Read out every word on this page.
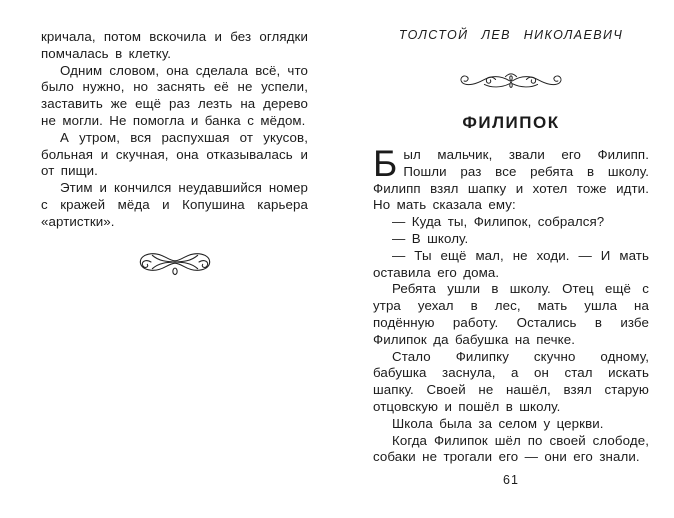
кричала, потом вскочила и без оглядки помчалась в клетку.

Одним словом, она сделала всё, что было нужно, но заснять её не успели, заставить же ещё раз лезть на дерево не могли. Не помогла и банка с мёдом.

А утром, вся распухшая от укусов, больная и скучная, она отказывалась и от пищи.

Этим и кончился неудавшийся номер с кражей мёда и Копушина карьера «артистки».

ТОЛСТОЙ ЛЕВ НИКОЛАЕВИЧ
ФИЛИПОК

Был мальчик, звали его Филипп. Пошли раз все ребята в школу. Филипп взял шапку и хотел тоже идти. Но мать сказала ему:

— Куда ты, Филипок, собрался?

— В школу.

— Ты ещё мал, не ходи. — И мать оставила его дома.

Ребята ушли в школу. Отец ещё с утра уехал в лес, мать ушла на подённую работу. Остались в избе Филипок да бабушка на печке.

Стало Филипку скучно одному, бабушка заснула, а он стал искать шапку. Своей не нашёл, взял старую отцовскую и пошёл в школу.

Школа была за селом у церкви.

Когда Филипок шёл по своей слободе, собаки не трогали его — они его знали.

61
